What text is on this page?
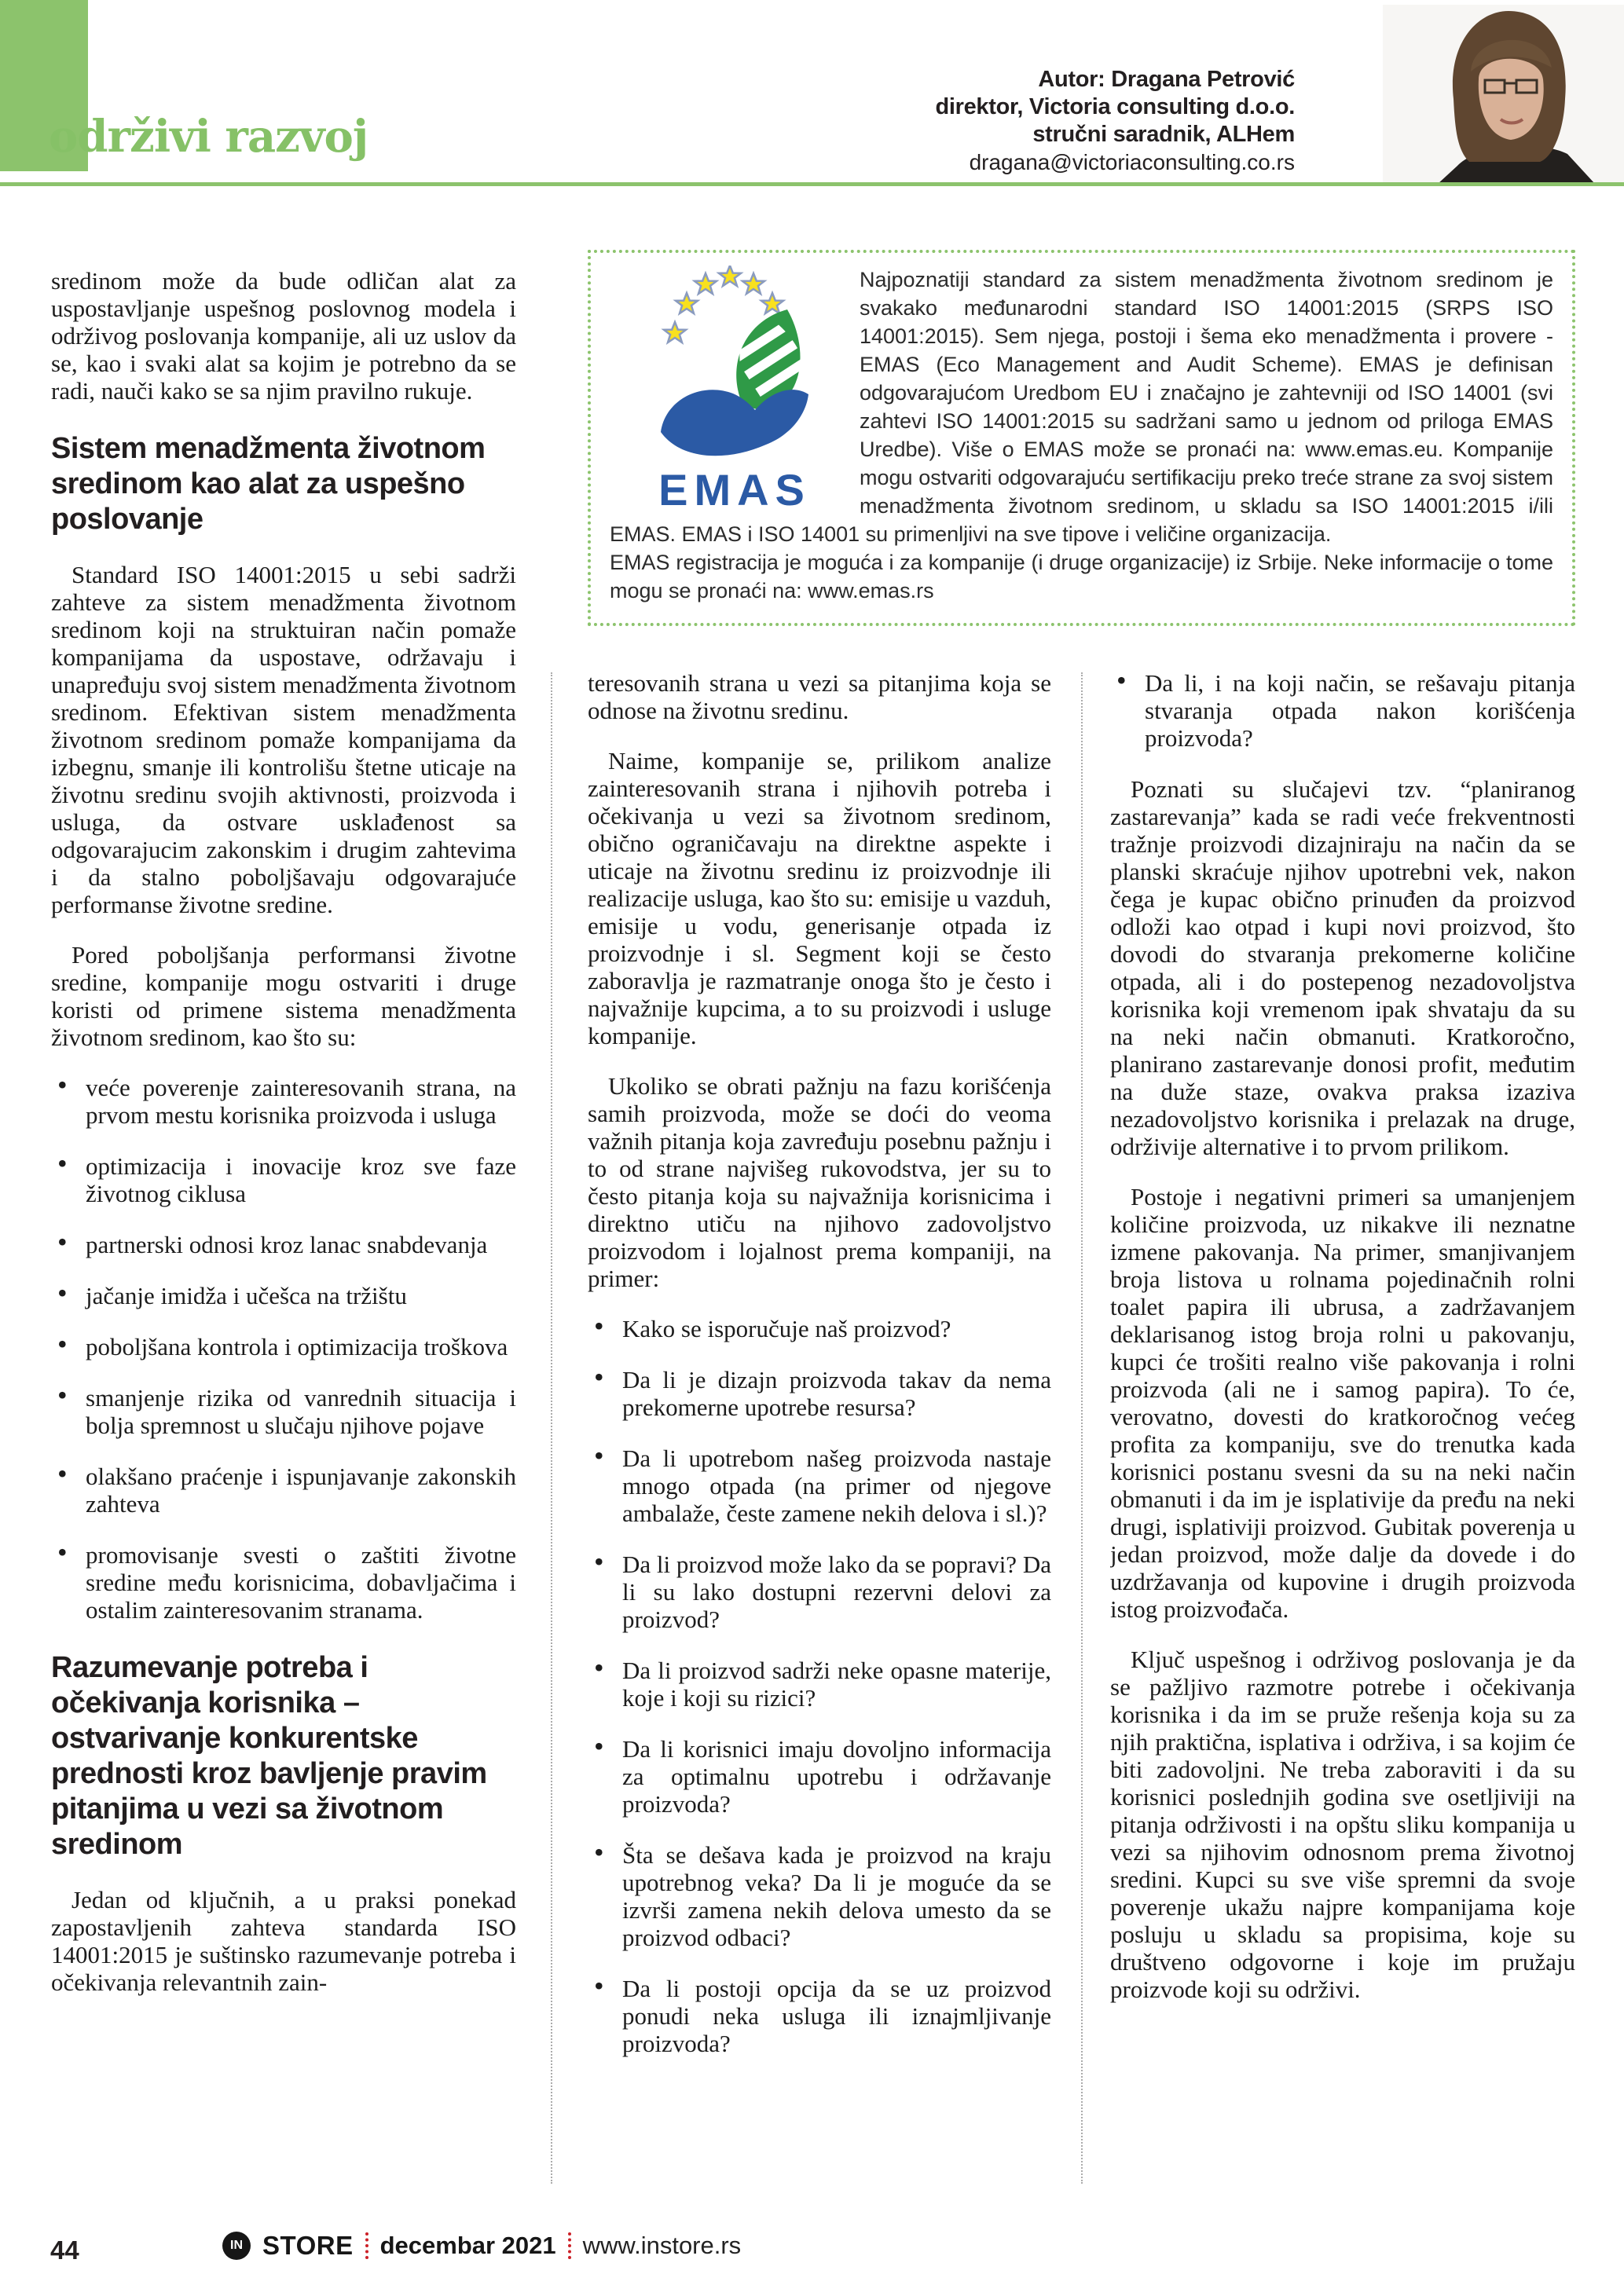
održivi razvoj
Autor: Dragana Petrović
direktor, Victoria consulting d.o.o.
stručni saradnik, ALHem
dragana@victoriaconsulting.co.rs
EMAS

Najpoznatiji standard za sistem menadžmenta životnom sredinom je svakako međunarodni standard ISO 14001:2015 (SRPS ISO 14001:2015). Sem njega, postoji i šema eko menadžmenta i provere - EMAS (Eco Management and Audit Scheme). EMAS je definisan odgovarajućom Uredbom EU i značajno je zahtevniji od ISO 14001 (svi zahtevi ISO 14001:2015 su sadržani samo u jednom od priloga EMAS Uredbe). Više o EMAS može se pronaći na: www.emas.eu. Kompanije mogu ostvariti odgovarajuću sertifikaciju preko treće strane za svoj sistem menadžmenta životnom sredinom, u skladu sa ISO 14001:2015 i/ili EMAS. EMAS i ISO 14001 su primenljivi na sve tipove i veličine organizacija.

EMAS registracija je moguća i za kompanije (i druge organizacije) iz Srbije. Neke informacije o tome mogu se pronaći na: www.emas.rs

sredinom može da bude odličan alat za uspostavljanje uspešnog poslovnog modela i održivog poslovanja kompanije, ali uz uslov da se, kao i svaki alat sa kojim je potrebno da se radi, nauči kako se sa njim pravilno rukuje.

Sistem menadžmenta životnom sredinom kao alat za uspešno poslovanje

Standard ISO 14001:2015 u sebi sadrži zahteve za sistem menadžmenta životnom sredinom koji na struktuiran način pomaže kompanijama da uspostave, održavaju i unapređuju svoj sistem menadžmenta životnom sredinom. Efektivan sistem menadžmenta životnom sredinom pomaže kompanijama da izbegnu, smanje ili kontrolišu štetne uticaje na životnu sredinu svojih aktivnosti, proizvoda i usluga, da ostvare usklađenost sa odgovarajucim zakonskim i drugim zahtevima i da stalno poboljšavaju odgovarajuće performanse životne sredine.

Pored poboljšanja performansi životne sredine, kompanije mogu ostvariti i druge koristi od primene sistema menadžmenta životnom sredinom, kao što su:

• veće poverenje zainteresovanih strana, na prvom mestu korisnika proizvoda i usluga
• optimizacija i inovacije kroz sve faze životnog ciklusa
• partnerski odnosi kroz lanac snabdevanja
• jačanje imidža i učešca na tržištu
• poboljšana kontrola i optimizacija troškova
• smanjenje rizika od vanrednih situacija i bolja spremnost u slučaju njihove pojave
• olakšano praćenje i ispunjavanje zakonskih zahteva
• promovisanje svesti o zaštiti životne sredine među korisnicima, dobavljačima i ostalim zainteresovanim stranama.
Razumevanje potreba i očekivanja korisnika – ostvarivanje konkurentske prednosti kroz bavljenje pravim pitanjima u vezi sa životnom sredinom

Jedan od ključnih, a u praksi ponekad zapostavljenih zahteva standarda ISO 14001:2015 je suštinsko razumevanje potreba i očekivanja relevantnih zain-

teresovanih strana u vezi sa pitanjima koja se odnose na životnu sredinu.

Naime, kompanije se, prilikom analize zainteresovanih strana i njihovih potreba i očekivanja u vezi sa životnom sredinom, obično ograničavaju na direktne aspekte i uticaje na životnu sredinu iz proizvodnje ili realizacije usluga, kao što su: emisije u vazduh, emisije u vodu, generisanje otpada iz proizvodnje i sl. Segment koji se često zaboravlja je razmatranje onoga što je često i najvažnije kupcima, a to su proizvodi i usluge kompanije.

Ukoliko se obrati pažnju na fazu korišćenja samih proizvoda, može se doći do veoma važnih pitanja koja zavređuju posebnu pažnju i to od strane najvišeg rukovodstva, jer su to često pitanja koja su najvažnija korisnicima i direktno utiču na njihovo zadovoljstvo proizvodom i lojalnost prema kompaniji, na primer:

• Kako se isporučuje naš proizvod?
• Da li je dizajn proizvoda takav da nema prekomerne upotrebe resursa?
• Da li upotrebom našeg proizvoda nastaje mnogo otpada (na primer od njegove ambalaže, česte zamene nekih delova i sl.)?
• Da li proizvod može lako da se popravi? Da li su lako dostupni rezervni delovi za proizvod?
• Da li proizvod sadrži neke opasne materije, koje i koji su rizici?
• Da li korisnici imaju dovoljno informacija za optimalnu upotrebu i održavanje proizvoda?
• Šta se dešava kada je proizvod na kraju upotrebnog veka? Da li je moguće da se izvrši zamena nekih delova umesto da se proizvod odbaci?
• Da li postoji opcija da se uz proizvod ponudi neka usluga ili iznajmljivanje proizvoda?
• Da li, i na koji način, se rešavaju pitanja stvaranja otpada nakon korišćenja proizvoda?

Poznati su slučajevi tzv. “planiranog zastarevanja” kada se radi veće frekventnosti tražnje proizvodi dizajniraju na način da se planski skraćuje njihov upotrebni vek, nakon čega je kupac obično prinuđen da proizvod odloži kao otpad i kupi novi proizvod, što dovodi do stvaranja prekomerne količine otpada, ali i do postepenog nezadovoljstva korisnika koji vremenom ipak shvataju da su na neki način obmanuti. Kratkoročno, planirano zastarevanje donosi profit, međutim na duže staze, ovakva praksa izaziva nezadovoljstvo korisnika i prelazak na druge, održivije alternative i to prvom prilikom.

Postoje i negativni primeri sa umanjenjem količine proizvoda, uz nikakve ili neznatne izmene pakovanja. Na primer, smanjivanjem broja listova u rolnama pojedinačnih rolni toalet papira ili ubrusa, a zadržavanjem deklarisanog istog broja rolni u pakovanju, kupci će trošiti realno više pakovanja i rolni proizvoda (ali ne i samog papira). To će, verovatno, dovesti do kratkoročnog većeg profita za kompaniju, sve do trenutka kada korisnici postanu svesni da su na neki način obmanuti i da im je isplativije da pređu na neki drugi, isplativiji proizvod. Gubitak poverenja u jedan proizvod, može dalje da dovede i do uzdržavanja od kupovine i drugih proizvoda istog proizvođača.

Ključ uspešnog i održivog poslovanja je da se pažljivo razmotre potrebe i očekivanja korisnika i da im se pruže rešenja koja su za njih praktična, isplativa i održiva, i sa kojim će biti zadovoljni. Ne treba zaboraviti i da su korisnici poslednjih godina sve osetljiviji na pitanja održivosti i na opštu sliku kompanija u vezi sa njihovim odnosnom prema životnoj sredini. Kupci su sve više spremni da svoje poverenje ukažu najpre kompanijama koje posluju u skladu sa propisima, koje su društveno odgovorne i koje im pružaju proizvode koji su održivi.

44	IN STORE decembar 2021 www.instore.rs
